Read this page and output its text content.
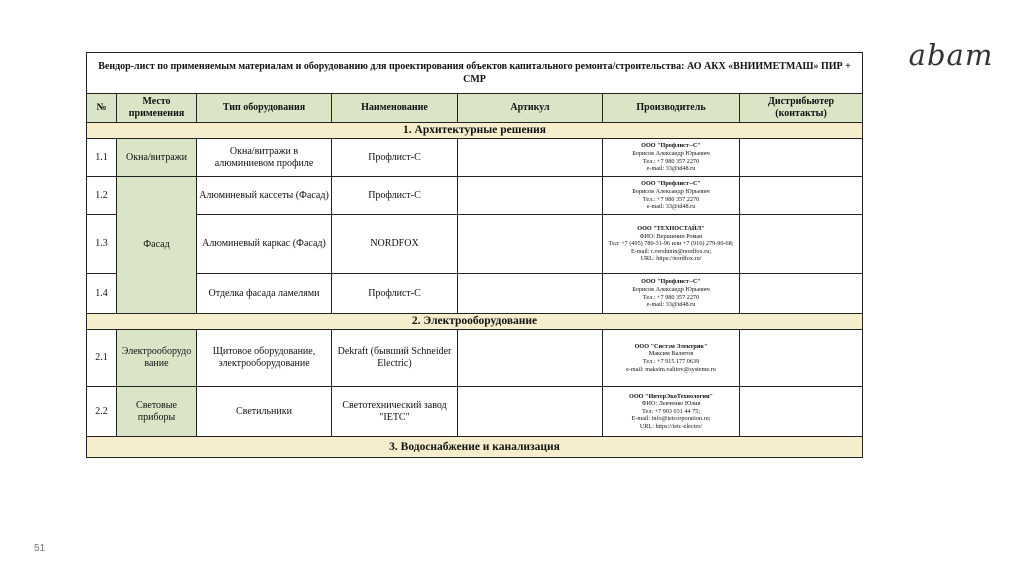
Вендор-лист по применяемым материалам и оборудованию для проектирования объектов капитального ремонта/строительства: АО АКХ «ВНИИМЕТМАШ» ПИР + СМР						
№	Место применения	Тип оборудования	Наименование	Артикул	Производитель	Дистрибьютер (контакты)
1. Архитектурные решения						
1.1	Окна/витражи	Окна/витражи в алюминиевом профиле	Профлист-С		ООО "Профлист--С"
Борисов Александр Юрьевич
Тел.: +7 980 357 2270
e-mail: 33@td48.ru	

1.2	Фасад	Алюминевый кассеты (Фасад)	Профлист-С		ООО "Профлист--С"
Борисов Александр Юрьевич
Тел.: +7 980 357 2270
e-mail: 33@td48.ru	

1.3		Алюминевый каркас (Фасад)	NORDFOX		ООО "ТЕХНОСТАЙЛ"
ФИО: Вершинин Роман
Тел: +7 (495) 780-31-96 или +7 (916) 279-90-68;
E-mail: r.vershinin@nordfox.ru;
URL: https://nordfox.ru/	

1.4		Отделка фасада ламелями	Профлист-С		ООО "Профлист--С"
Борисов Александр Юрьевич
Тел.: +7 980 357 2270
e-mail: 33@td48.ru	

2. Электрооборудование						
2.1	Электрооборудо вание	Щитовое оборудование, электрооборудование	Dekraft (бывший Schneider Electric)		ООО "Систэм Электрик"
Максим Валитов
Тел.: +7 915 177 0639
e-mail: maksim.valitov@systeme.ru	

2.2	Световые приборы	Светильники	Светотехнический завод "IETC"		ООО "ИнтерЭкоТехнологии"
ФИО: Левченко Юлия
Тел: +7 903 031 44 75;
E-mail: info@ietcorporation.ru;
URL: https://ietc-electro/	

3. Водоснабжение и канализация						
abam
51
